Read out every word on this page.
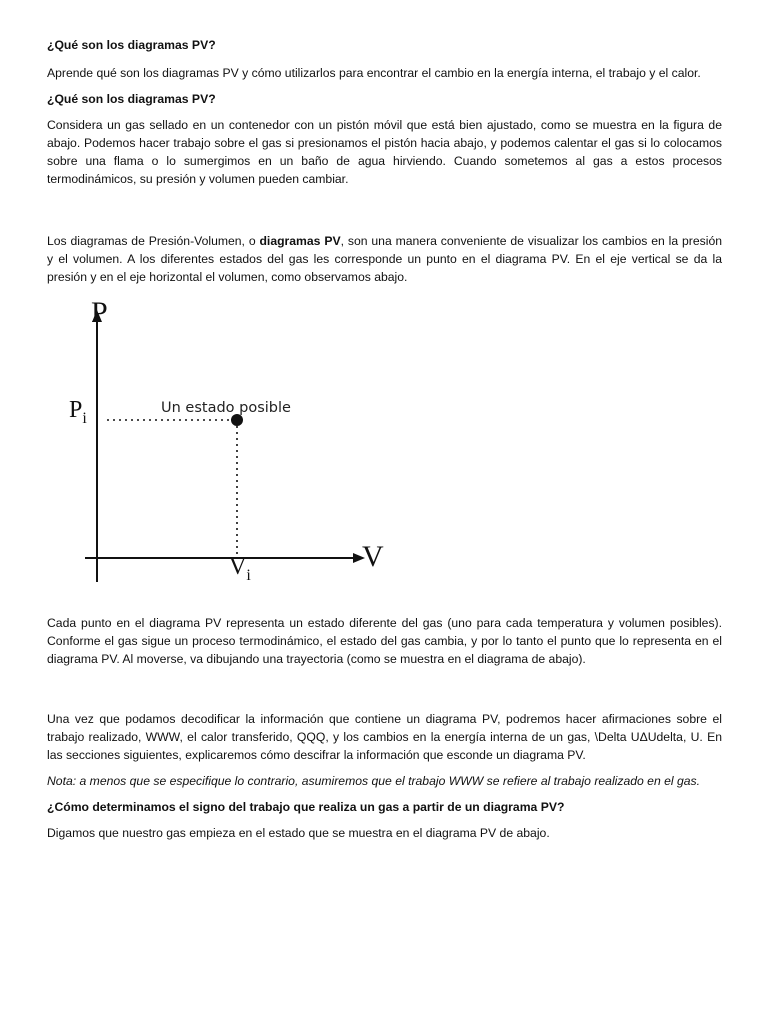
¿Qué son los diagramas PV?

Aprende qué son los diagramas PV y cómo utilizarlos para encontrar el cambio en la energía interna, el trabajo y el calor.

¿Qué son los diagramas PV?

Considera un gas sellado en un contenedor con un pistón móvil que está bien ajustado, como se muestra en la figura de abajo. Podemos hacer trabajo sobre el gas si presionamos el pistón hacia abajo, y podemos calentar el gas si lo colocamos sobre una flama o lo sumergimos en un baño de agua hirviendo. Cuando sometemos al gas a estos procesos termodinámicos, su presión y volumen pueden cambiar.

Los diagramas de Presión-Volumen, o diagramas PV, son una manera conveniente de visualizar los cambios en la presión y el volumen. A los diferentes estados del gas les corresponde un punto en el diagrama PV. En el eje vertical se da la presión y en el eje horizontal el volumen, como observamos abajo.

P
V
$P_i$
$V_i$
Un estado posible

Cada punto en el diagrama PV representa un estado diferente del gas (uno para cada temperatura y volumen posibles). Conforme el gas sigue un proceso termodinámico, el estado del gas cambia, y por lo tanto el punto que lo representa en el diagrama PV. Al moverse, va dibujando una trayectoria (como se muestra en el diagrama de abajo).

Una vez que podamos decodificar la información que contiene un diagrama PV, podremos hacer afirmaciones sobre el trabajo realizado, WWW, el calor transferido, QQQ, y los cambios en la energía interna de un gas, \Delta UΔUdelta, U. En las secciones siguientes, explicaremos cómo descifrar la información que esconde un diagrama PV.

Nota: a menos que se especifique lo contrario, asumiremos que el trabajo WWW se refiere al trabajo realizado en el gas.

¿Cómo determinamos el signo del trabajo que realiza un gas a partir de un diagrama PV?

Digamos que nuestro gas empieza en el estado que se muestra en el diagrama PV de abajo.
